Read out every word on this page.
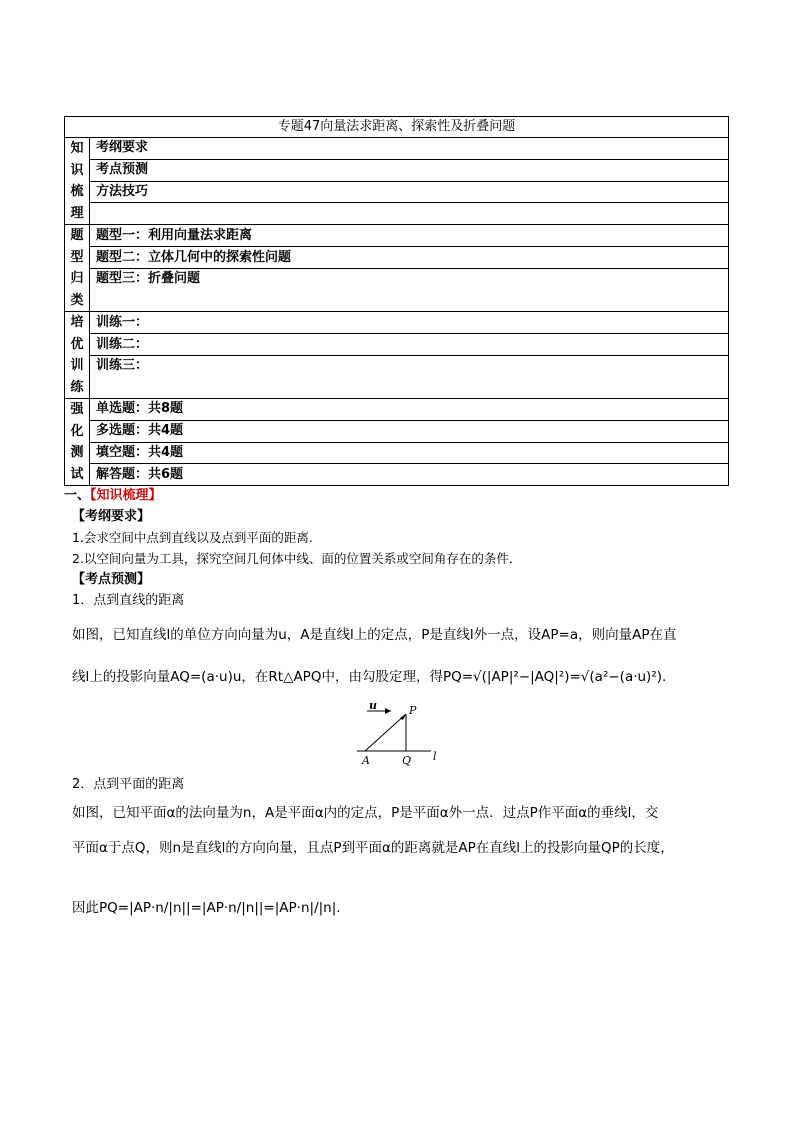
专题47向量法求距离、探索性及折叠问题	

知
识
梳
理	考纲要求
	考点预测
	方法技巧

题
型
归
类	题型一：利用向量法求距离
	题型二：立体几何中的探索性问题
	题型三：折叠问题

培
优
训
练	训练一：
	训练二：
	训练三：

强
化
测
试	单选题：共8题
	多选题：共4题
	填空题：共4题
	解答题：共6题
一、【知识梳理】
【考纲要求】
1.会求空间中点到直线以及点到平面的距离.
2.以空间向量为工具，探究空间几何体中线、面的位置关系或空间角存在的条件．
【考点预测】
1．点到直线的距离
如图，已知直线l的单位方向向量为u，A是直线l上的定点，P是直线l外一点，设AP=a，则向量AP在直
线l上的投影向量AQ=(a·u)u，在Rt△APQ中，由勾股定理，得PQ=√(|AP|²−|AQ|²)=√(a²−(a·u)²).
u	P
A	Q l
2．点到平面的距离
如图，已知平面α的法向量为n，A是平面α内的定点，P是平面α外一点．过点P作平面α的垂线l，交
平面α于点Q，则n是直线l的方向向量，且点P到平面α的距离就是AP在直线l上的投影向量QP的长度，
因此PQ=|AP·n/|n||=|AP·n/|n||=|AP·n|/|n|.
